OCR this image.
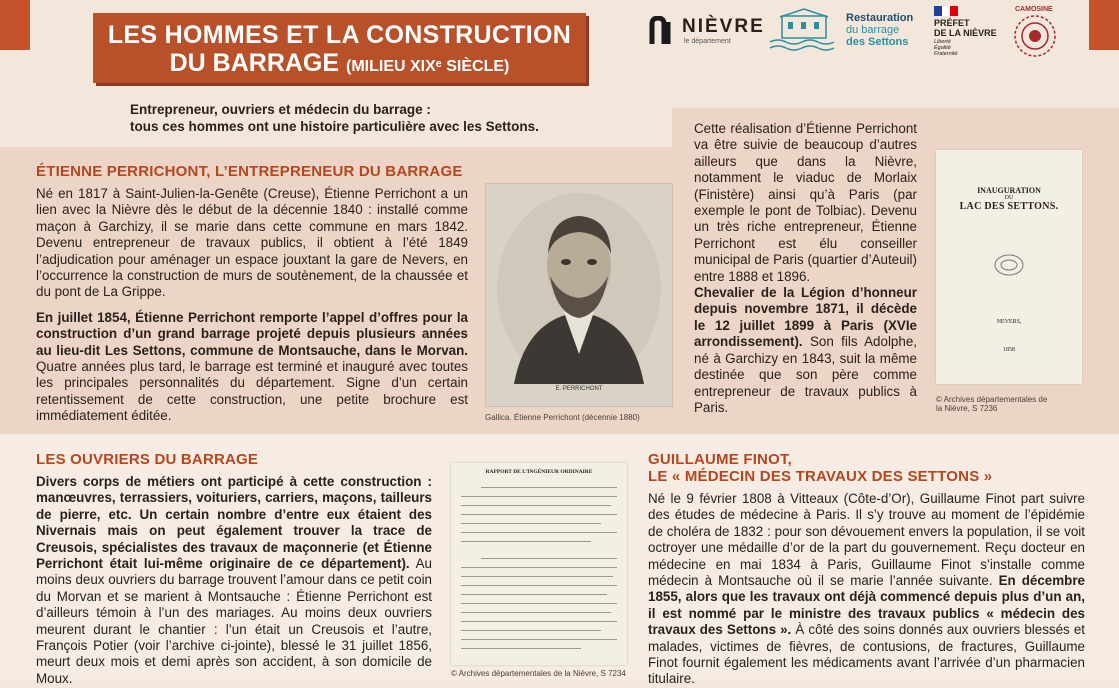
LES HOMMES ET LA CONSTRUCTION
DU BARRAGE (MILIEU XIXᵉ SIÈCLE)
NIÈVRE
le département
Restauration
du barrage
des Settons
PRÉFET
DE LA NIÈVRE
Liberté
Égalité
Fraternité
CAMOSINE
Entrepreneur, ouvriers et médecin du barrage :
tous ces hommes ont une histoire particulière avec les Settons.
ÉTIENNE PERRICHONT, L’ENTREPRENEUR DU BARRAGE
Né en 1817 à Saint-Julien-la-Genête (Creuse), Étienne Perrichont a un lien avec la Nièvre dès le début de la décennie 1840 : installé comme maçon à Garchizy, il se marie dans cette commune en mars 1842. Devenu entrepreneur de travaux publics, il obtient à l’été 1849 l’adjudication pour aménager un espace jouxtant la gare de Nevers, en l’occurrence la construction de murs de soutènement, de la chaussée et du pont de La Grippe.
En juillet 1854, Étienne Perrichont remporte l’appel d’offres pour la construction d’un grand barrage projeté depuis plusieurs années au lieu-dit Les Settons, commune de Montsauche, dans le Morvan. Quatre années plus tard, le barrage est terminé et inauguré avec toutes les principales personnalités du département. Signe d’un certain retentissement de cette construction, une petite brochure est immédiatement éditée.
E. PERRICHONT
Gallica. Étienne Perrichont (décennie 1880)
Cette réalisation d’Étienne Perrichont va être suivie de beaucoup d’autres ailleurs que dans la Nièvre, notamment le viaduc de Morlaix (Finistère) ainsi qu’à Paris (par exemple le pont de Tolbiac). Devenu un très riche entrepreneur, Étienne Perrichont est élu conseiller municipal de Paris (quartier d’Auteuil) entre 1888 et 1896.
Chevalier de la Légion d’honneur depuis novembre 1871, il décède le 12 juillet 1899 à Paris (XVIe arrondissement). Son fils Adolphe, né à Garchizy en 1843, suit la même destinée que son père comme entrepreneur de travaux publics à Paris.
INAUGURATION
DU
LAC DES SETTONS.
NEVERS,
1858
© Archives départementales de
la Nièvre, S 7236
LES OUVRIERS DU BARRAGE
Divers corps de métiers ont participé à cette construction : manœuvres, terrassiers, voituriers, carriers, maçons, tailleurs de pierre, etc. Un certain nombre d’entre eux étaient des Nivernais mais on peut également trouver la trace de Creusois, spécialistes des travaux de maçonnerie (et Étienne Perrichont était lui-même originaire de ce département). Au moins deux ouvriers du barrage trouvent l’amour dans ce petit coin du Morvan et se marient à Montsauche : Étienne Perrichont est d’ailleurs témoin à l’un des mariages. Au moins deux ouvriers meurent durant le chantier : l’un était un Creusois et l’autre, François Potier (voir l’archive ci-jointe), blessé le 31 juillet 1856, meurt deux mois et demi après son accident, à son domicile de Moux.
RAPPORT DE L’INGÉNIEUR ORDINAIRE
© Archives départementales de la Nièvre, S 7234
GUILLAUME FINOT,
LE « MÉDECIN DES TRAVAUX DES SETTONS »
Né le 9 février 1808 à Vitteaux (Côte-d’Or), Guillaume Finot part suivre des études de médecine à Paris. Il s’y trouve au moment de l’épidémie de choléra de 1832 : pour son dévouement envers la population, il se voit octroyer une médaille d’or de la part du gouvernement. Reçu docteur en médecine en mai 1834 à Paris, Guillaume Finot s’installe comme médecin à Montsauche où il se marie l’année suivante. En décembre 1855, alors que les travaux ont déjà commencé depuis plus d’un an, il est nommé par le ministre des travaux publics « médecin des travaux des Settons ». À côté des soins donnés aux ouvriers blessés et malades, victimes de fièvres, de contusions, de fractures, Guillaume Finot fournit également les médicaments avant l’arrivée d’un pharmacien titulaire.
